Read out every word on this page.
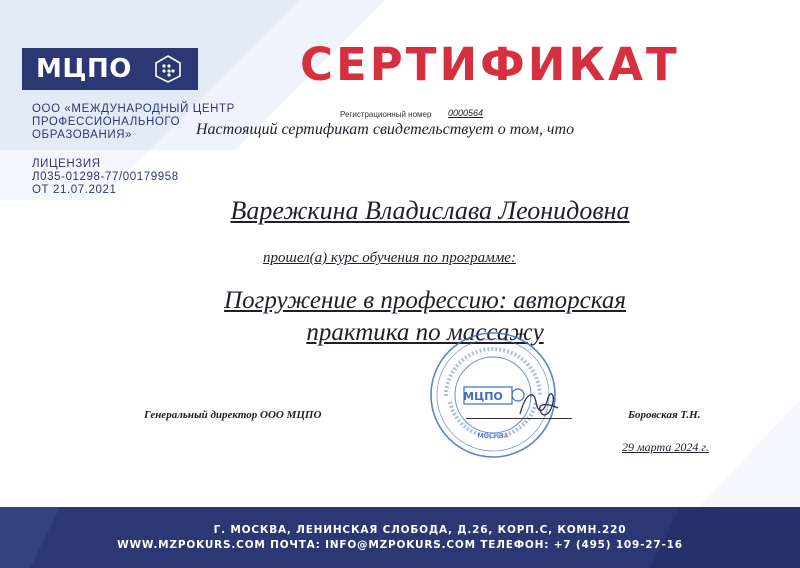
МЦПО
ООО «МЕЖДУНАРОДНЫЙ ЦЕНТР ПРОФЕССИОНАЛЬНОГО ОБРАЗОВАНИЯ»
ЛИЦЕНЗИЯ
Л035-01298-77/00179958
ОТ 21.07.2021
СЕРТИФИКАТ
Регистрационный номер 0000564
Настоящий сертификат свидетельствует о том, что
Варежкина Владислава Леонидовна
прошел(а) курс обучения по программе:
Погружение в профессию: авторская практика по массажу
МЦПО
МОСКВА
Генеральный директор ООО МЦПО	Боровская Т.Н.
29 марта 2024 г.
Г. МОСКВА, ЛЕНИНСКАЯ СЛОБОДА, Д.26, КОРП.С, КОМН.220
WWW.MZPOKURS.COM ПОЧТА: INFO@MZPOKURS.COM ТЕЛЕФОН: +7 (495) 109-27-16
